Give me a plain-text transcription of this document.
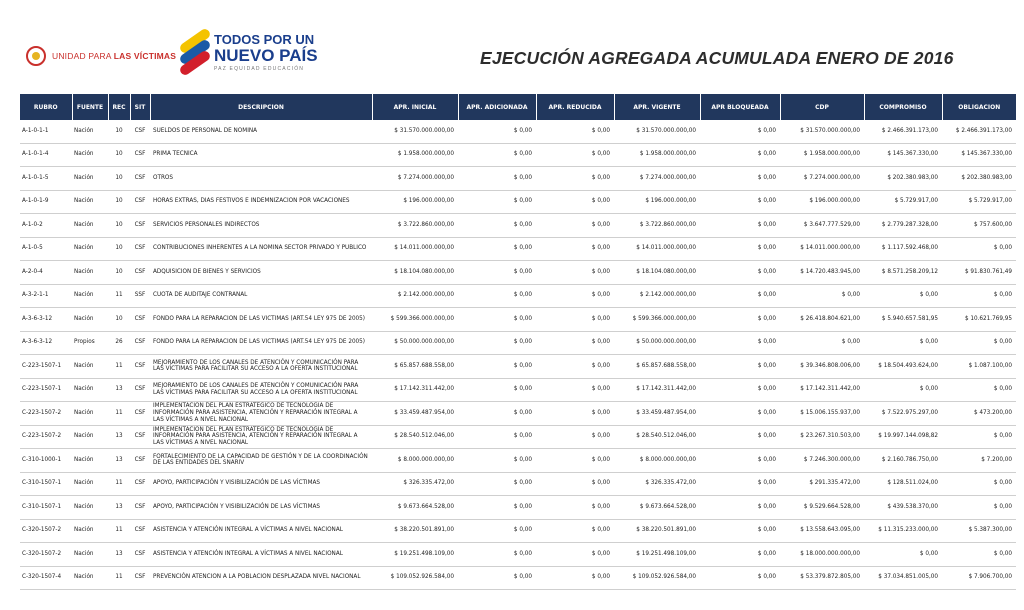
UNIDAD PARA LAS VÍCTIMAS
TODOS POR UN
NUEVO PAÍS
PAZ EQUIDAD EDUCACIÓN
EJECUCIÓN AGREGADA ACUMULADA ENERO DE 2016
RUBRO	FUENTE	REC	SIT	DESCRIPCION	APR. INICIAL	APR. ADICIONADA	APR. REDUCIDA	APR. VIGENTE	APR BLOQUEADA	CDP	COMPROMISO	OBLIGACION
A-1-0-1-1	Nación	10	CSF	SUELDOS DE PERSONAL DE NOMINA	$ 31.570.000.000,00	$ 0,00	$ 0,00	$ 31.570.000.000,00	$ 0,00	$ 31.570.000.000,00	$ 2.466.391.173,00	$ 2.466.391.173,00
A-1-0-1-4	Nación	10	CSF	PRIMA TECNICA	$ 1.958.000.000,00	$ 0,00	$ 0,00	$ 1.958.000.000,00	$ 0,00	$ 1.958.000.000,00	$ 145.367.330,00	$ 145.367.330,00
A-1-0-1-5	Nación	10	CSF	OTROS	$ 7.274.000.000,00	$ 0,00	$ 0,00	$ 7.274.000.000,00	$ 0,00	$ 7.274.000.000,00	$ 202.380.983,00	$ 202.380.983,00
A-1-0-1-9	Nación	10	CSF	HORAS EXTRAS, DIAS FESTIVOS E INDEMNIZACION POR VACACIONES	$ 196.000.000,00	$ 0,00	$ 0,00	$ 196.000.000,00	$ 0,00	$ 196.000.000,00	$ 5.729.917,00	$ 5.729.917,00
A-1-0-2	Nación	10	CSF	SERVICIOS PERSONALES INDIRECTOS	$ 3.722.860.000,00	$ 0,00	$ 0,00	$ 3.722.860.000,00	$ 0,00	$ 3.647.777.529,00	$ 2.779.287.328,00	$ 757.600,00
A-1-0-5	Nación	10	CSF	CONTRIBUCIONES INHERENTES A LA NOMINA SECTOR PRIVADO Y PUBLICO	$ 14.011.000.000,00	$ 0,00	$ 0,00	$ 14.011.000.000,00	$ 0,00	$ 14.011.000.000,00	$ 1.117.592.468,00	$ 0,00
A-2-0-4	Nación	10	CSF	ADQUISICION DE BIENES Y SERVICIOS	$ 18.104.080.000,00	$ 0,00	$ 0,00	$ 18.104.080.000,00	$ 0,00	$ 14.720.483.945,00	$ 8.571.258.209,12	$ 91.830.761,49
A-3-2-1-1	Nación	11	SSF	CUOTA DE AUDITAJE CONTRANAL	$ 2.142.000.000,00	$ 0,00	$ 0,00	$ 2.142.000.000,00	$ 0,00	$ 0,00	$ 0,00	$ 0,00
A-3-6-3-12	Nación	10	CSF	FONDO PARA LA REPARACION DE LAS VICTIMAS (ART.54 LEY 975 DE 2005)	$ 599.366.000.000,00	$ 0,00	$ 0,00	$ 599.366.000.000,00	$ 0,00	$ 26.418.804.621,00	$ 5.940.657.581,95	$ 10.621.769,95
A-3-6-3-12	Propios	26	CSF	FONDO PARA LA REPARACION DE LAS VICTIMAS (ART.54 LEY 975 DE 2005)	$ 50.000.000.000,00	$ 0,00	$ 0,00	$ 50.000.000.000,00	$ 0,00	$ 0,00	$ 0,00	$ 0,00
C-223-1507-1	Nación	11	CSF	MEJORAMIENTO DE LOS CANALES DE ATENCIÓN Y COMUNICACIÓN PARA LAS VÍCTIMAS PARA FACILITAR SU ACCESO A LA OFERTA INSTITUCIONAL	$ 65.857.688.558,00	$ 0,00	$ 0,00	$ 65.857.688.558,00	$ 0,00	$ 39.346.808.006,00	$ 18.504.493.624,00	$ 1.087.100,00
C-223-1507-1	Nación	13	CSF	MEJORAMIENTO DE LOS CANALES DE ATENCIÓN Y COMUNICACIÓN PARA LAS VÍCTIMAS PARA FACILITAR SU ACCESO A LA OFERTA INSTITUCIONAL	$ 17.142.311.442,00	$ 0,00	$ 0,00	$ 17.142.311.442,00	$ 0,00	$ 17.142.311.442,00	$ 0,00	$ 0,00
C-223-1507-2	Nación	11	CSF	IMPLEMENTACIÓN DEL PLAN ESTRATÉGICO DE TECNOLOGÍA DE INFORMACIÓN PARA ASISTENCIA, ATENCIÓN Y REPARACIÓN INTEGRAL A LAS VÍCTIMAS A NIVEL NACIONAL	$ 33.459.487.954,00	$ 0,00	$ 0,00	$ 33.459.487.954,00	$ 0,00	$ 15.006.155.937,00	$ 7.522.975.297,00	$ 473.200,00
C-223-1507-2	Nación	13	CSF	IMPLEMENTACIÓN DEL PLAN ESTRATÉGICO DE TECNOLOGÍA DE INFORMACIÓN PARA ASISTENCIA, ATENCIÓN Y REPARACIÓN INTEGRAL A LAS VÍCTIMAS A NIVEL NACIONAL	$ 28.540.512.046,00	$ 0,00	$ 0,00	$ 28.540.512.046,00	$ 0,00	$ 23.267.310.503,00	$ 19.997.144.098,82	$ 0,00
C-310-1000-1	Nación	13	CSF	FORTALECIMIENTO DE LA CAPACIDAD DE GESTIÓN Y DE LA COORDINACIÓN DE LAS ENTIDADES DEL SNARIV	$ 8.000.000.000,00	$ 0,00	$ 0,00	$ 8.000.000.000,00	$ 0,00	$ 7.246.300.000,00	$ 2.160.786.750,00	$ 7.200,00
C-310-1507-1	Nación	11	CSF	APOYO, PARTICIPACIÓN Y VISIBILIZACIÓN DE LAS VÍCTIMAS	$ 326.335.472,00	$ 0,00	$ 0,00	$ 326.335.472,00	$ 0,00	$ 291.335.472,00	$ 128.511.024,00	$ 0,00
C-310-1507-1	Nación	13	CSF	APOYO, PARTICIPACIÓN Y VISIBILIZACIÓN DE LAS VÍCTIMAS	$ 9.673.664.528,00	$ 0,00	$ 0,00	$ 9.673.664.528,00	$ 0,00	$ 9.529.664.528,00	$ 439.538.370,00	$ 0,00
C-320-1507-2	Nación	11	CSF	ASISTENCIA Y ATENCIÓN INTEGRAL A VÍCTIMAS A NIVEL NACIONAL	$ 38.220.501.891,00	$ 0,00	$ 0,00	$ 38.220.501.891,00	$ 0,00	$ 13.558.643.095,00	$ 11.315.233.000,00	$ 5.387.300,00
C-320-1507-2	Nación	13	CSF	ASISTENCIA Y ATENCIÓN INTEGRAL A VÍCTIMAS A NIVEL NACIONAL	$ 19.251.498.109,00	$ 0,00	$ 0,00	$ 19.251.498.109,00	$ 0,00	$ 18.000.000.000,00	$ 0,00	$ 0,00
C-320-1507-4	Nación	11	CSF	PREVENCIÓN ATENCION A LA POBLACION DESPLAZADA NIVEL NACIONAL	$ 109.052.926.584,00	$ 0,00	$ 0,00	$ 109.052.926.584,00	$ 0,00	$ 53.379.872.805,00	$ 37.034.851.005,00	$ 7.906.700,00
